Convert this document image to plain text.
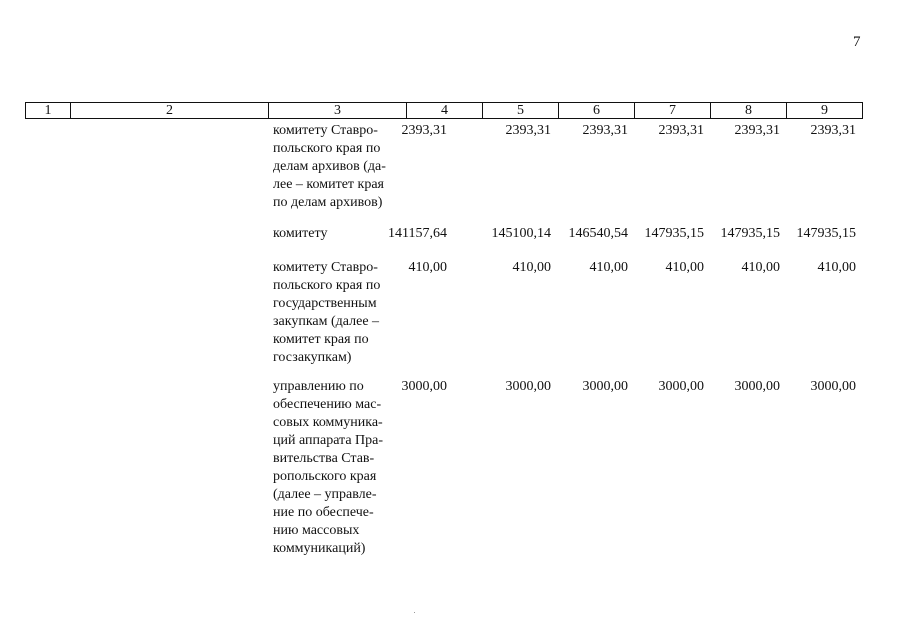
7
1	2	3	4	5	6	7	8	9
комитету Ставро-
польского края по
делам архивов (да-
лее – комитет края
по делам архивов)
2393,31	2393,31 2393,31 2393,31 2393,31 2393,31
комитету	141157,64	145100,14 146540,54 147935,15 147935,15 147935,15
комитету Ставро-
польского края по
государственным
закупкам (далее –
комитет края по
госзакупкам)
410,00	410,00	410,00	410,00	410,00	410,00
управлению по
обеспечению мас-
совых коммуника-
ций аппарата Пра-
вительства Став-
ропольского края
(далее – управле-
ние по обеспече-
нию массовых
коммуникаций)
3000,00	3000,00 3000,00 3000,00 3000,00 3000,00
